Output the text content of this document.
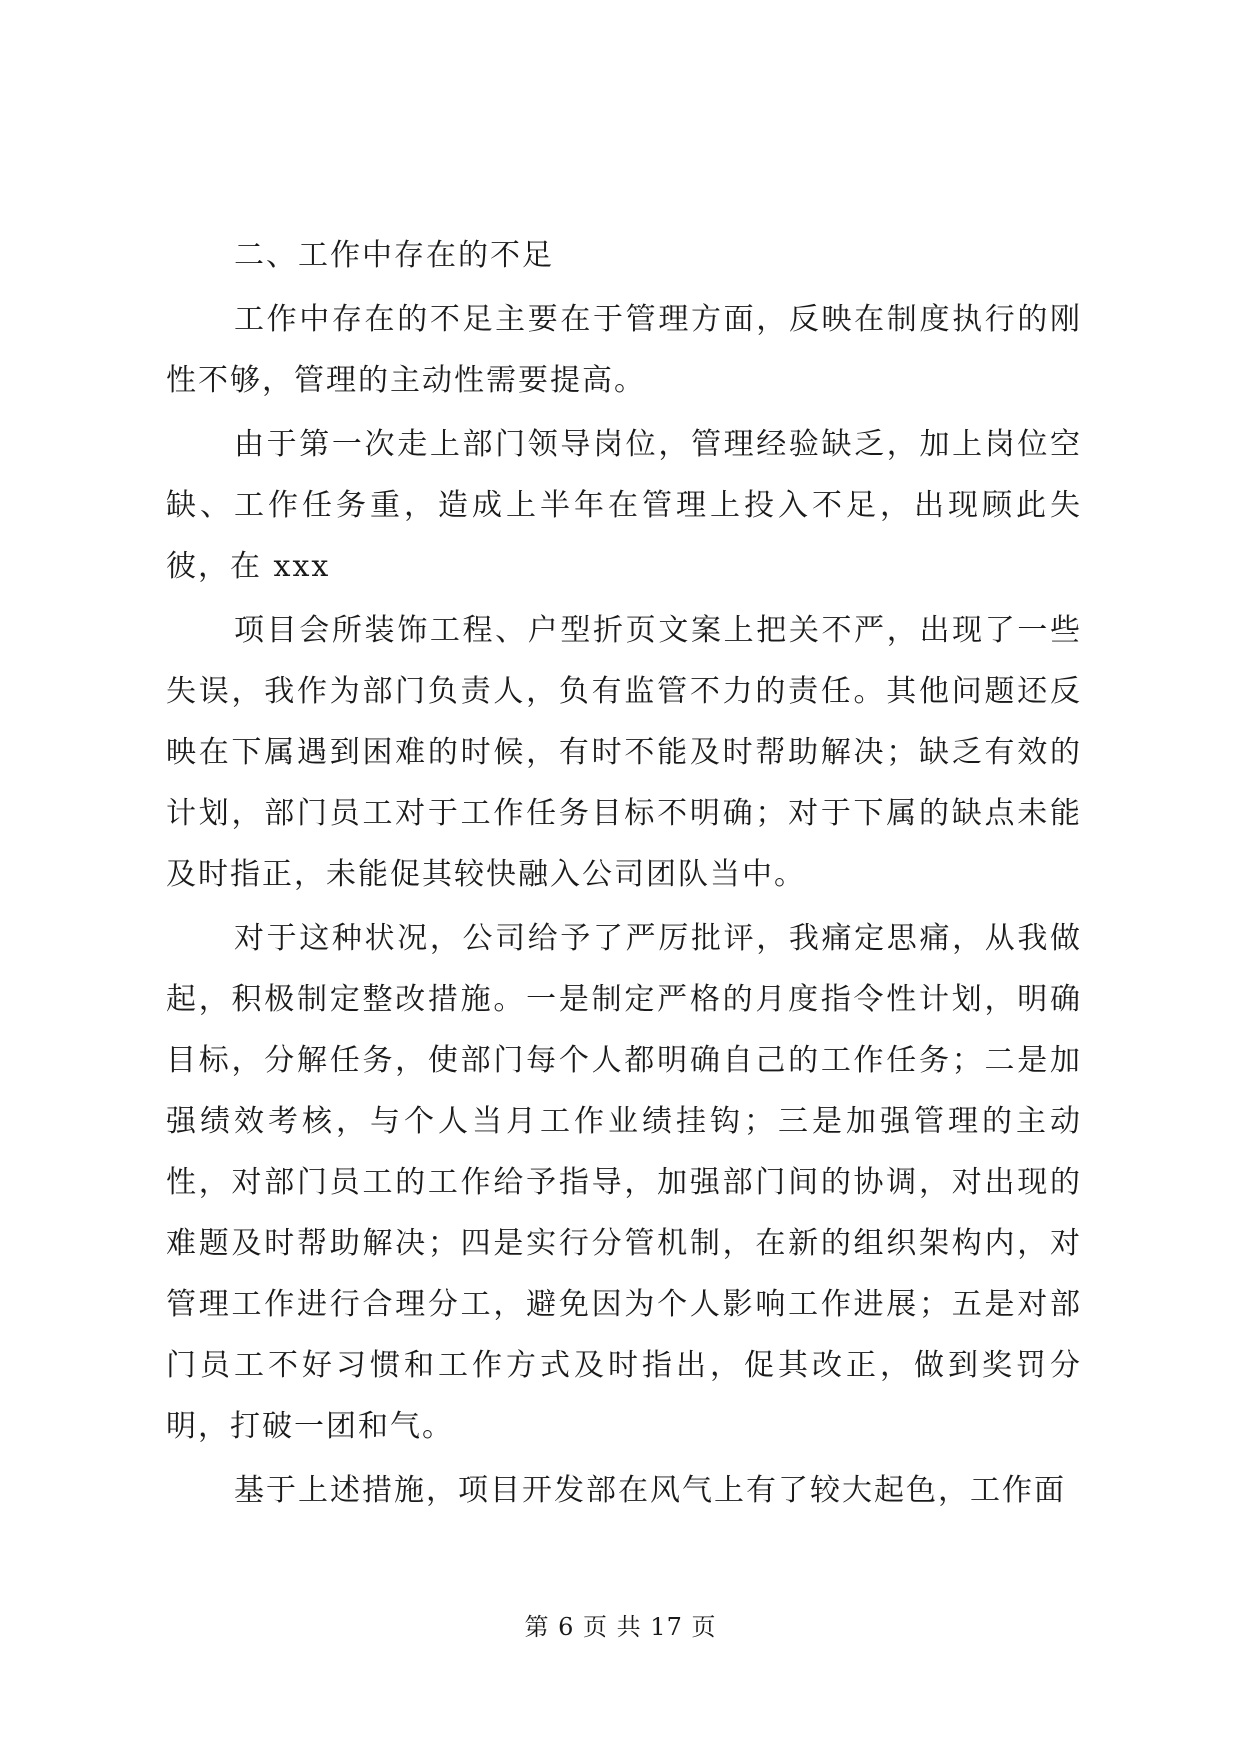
二、工作中存在的不足

工作中存在的不足主要在于管理方面，反映在制度执行的刚性不够，管理的主动性需要提高。

由于第一次走上部门领导岗位，管理经验缺乏，加上岗位空缺、工作任务重，造成上半年在管理上投入不足，出现顾此失彼，在 xxx

项目会所装饰工程、户型折页文案上把关不严，出现了一些失误，我作为部门负责人，负有监管不力的责任。其他问题还反映在下属遇到困难的时候，有时不能及时帮助解决；缺乏有效的计划，部门员工对于工作任务目标不明确；对于下属的缺点未能及时指正，未能促其较快融入公司团队当中。

对于这种状况，公司给予了严厉批评，我痛定思痛，从我做起，积极制定整改措施。一是制定严格的月度指令性计划，明确目标，分解任务，使部门每个人都明确自己的工作任务；二是加强绩效考核，与个人当月工作业绩挂钩；三是加强管理的主动性，对部门员工的工作给予指导，加强部门间的协调，对出现的难题及时帮助解决；四是实行分管机制，在新的组织架构内，对管理工作进行合理分工，避免因为个人影响工作进展；五是对部门员工不好习惯和工作方式及时指出，促其改正，做到奖罚分明，打破一团和气。

基于上述措施，项目开发部在风气上有了较大起色，工作面

第 6 页 共 17 页
